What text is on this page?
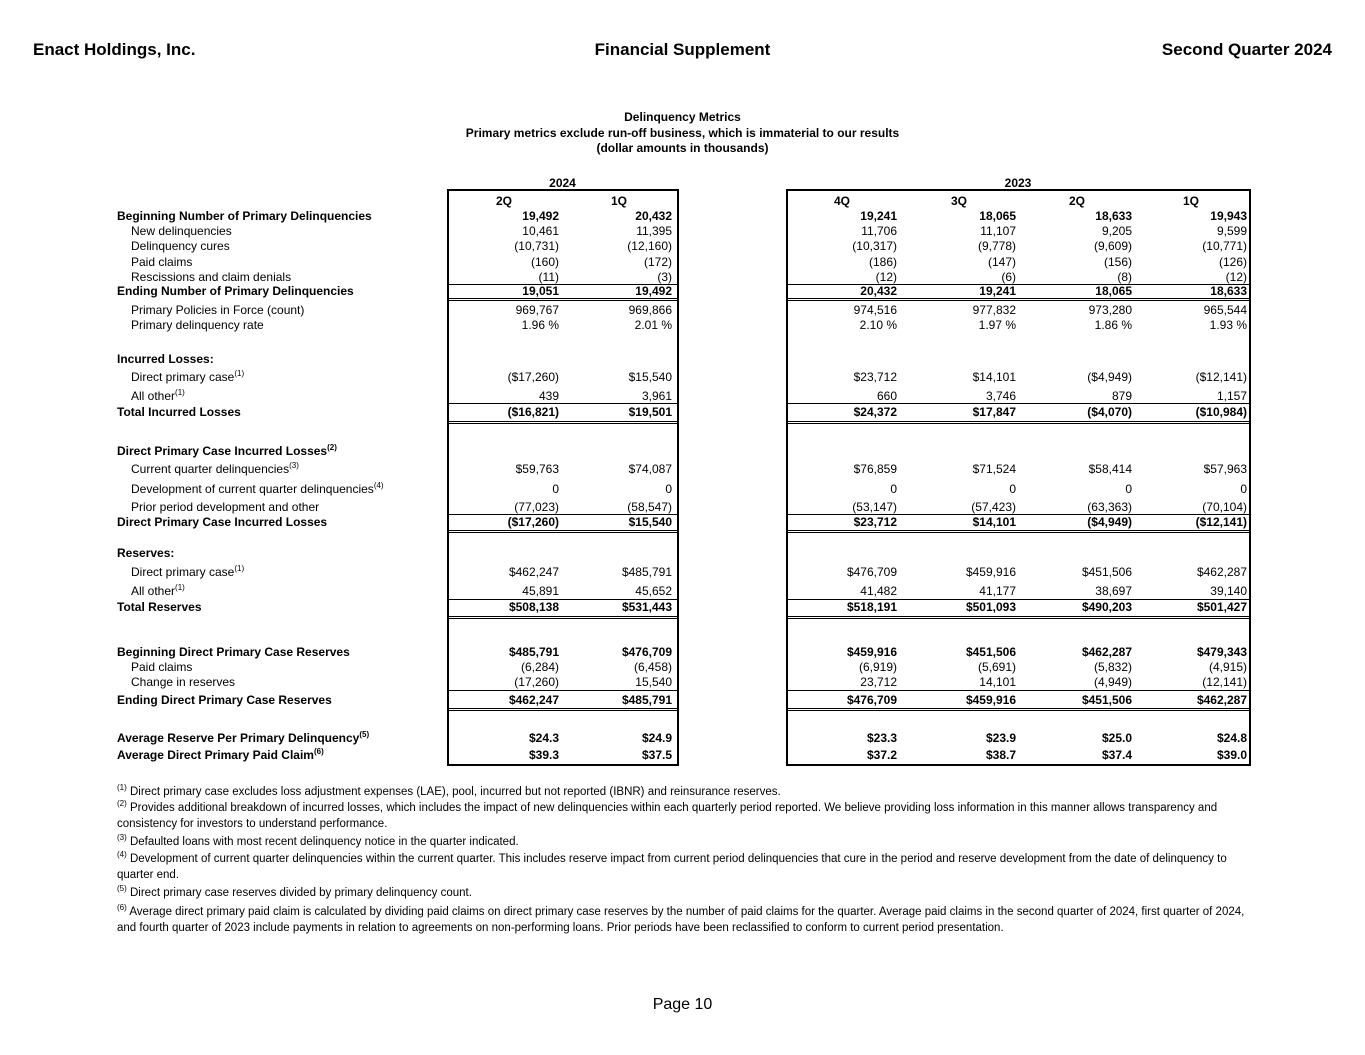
Enact Holdings, Inc.	Financial Supplement	Second Quarter 2024
Delinquency Metrics
Primary metrics exclude run-off business, which is immaterial to our results
(dollar amounts in thousands)
2024	2023
2Q	1Q	4Q	3Q	2Q	1Q
Beginning Number of Primary Delinquencies	19,492	20,432	19,241	18,065	18,633	19,943
New delinquencies	10,461	11,395	11,706	11,107	9,205	9,599
Delinquency cures	(10,731)	(12,160)	(10,317)	(9,778)	(9,609)	(10,771)
Paid claims	(160)	(172)	(186)	(147)	(156)	(126)
Rescissions and claim denials	(11)	(3)	(12)	(6)	(8)	(12)
Ending Number of Primary Delinquencies	19,051	19,492	20,432	19,241	18,065	18,633
Primary Policies in Force (count)	969,767	969,866	974,516	977,832	973,280	965,544
Primary delinquency rate	1.96 %	2.01 %	2.10 %	1.97 %	1.86 %	1.93 %
Incurred Losses:
Direct primary case$^{(1)}$	($17,260)	$15,540	$23,712	$14,101	($4,949)	($12,141)
All other$^{(1)}$	439	3,961	660	3,746	879	1,157
Total Incurred Losses	($16,821)	$19,501	$24,372	$17,847	($4,070)	($10,984)
Direct Primary Case Incurred Losses$^{(2)}$
Current quarter delinquencies$^{(3)}$	$59,763	$74,087	$76,859	$71,524	$58,414	$57,963
Development of current quarter delinquencies$^{(4)}$	0	0	0	0	0	0
Prior period development and other	(77,023)	(58,547)	(53,147)	(57,423)	(63,363)	(70,104)
Direct Primary Case Incurred Losses	($17,260)	$15,540	$23,712	$14,101	($4,949)	($12,141)
Reserves:
Direct primary case$^{(1)}$	$462,247	$485,791	$476,709	$459,916	$451,506	$462,287
All other$^{(1)}$	45,891	45,652	41,482	41,177	38,697	39,140
Total Reserves	$508,138	$531,443	$518,191	$501,093	$490,203	$501,427
Beginning Direct Primary Case Reserves	$485,791	$476,709	$459,916	$451,506	$462,287	$479,343
Paid claims	(6,284)	(6,458)	(6,919)	(5,691)	(5,832)	(4,915)
Change in reserves	(17,260)	15,540	23,712	14,101	(4,949)	(12,141)
Ending Direct Primary Case Reserves	$462,247	$485,791	$476,709	$459,916	$451,506	$462,287
Average Reserve Per Primary Delinquency$^{(5)}$	$24.3	$24.9	$23.3	$23.9	$25.0	$24.8
Average Direct Primary Paid Claim$^{(6)}$	$39.3	$37.5	$37.2	$38.7	$37.4	$39.0
$^{(1)}$ Direct primary case excludes loss adjustment expenses (LAE), pool, incurred but not reported (IBNR) and reinsurance reserves.
$^{(2)}$ Provides additional breakdown of incurred losses, which includes the impact of new delinquencies within each quarterly period reported. We believe providing loss information in this manner allows transparency and consistency for investors to understand performance.
$^{(3)}$ Defaulted loans with most recent delinquency notice in the quarter indicated.
$^{(4)}$ Development of current quarter delinquencies within the current quarter. This includes reserve impact from current period delinquencies that cure in the period and reserve development from the date of delinquency to quarter end.
$^{(5)}$ Direct primary case reserves divided by primary delinquency count.
$^{(6)}$ Average direct primary paid claim is calculated by dividing paid claims on direct primary case reserves by the number of paid claims for the quarter. Average paid claims in the second quarter of 2024, first quarter of 2024, and fourth quarter of 2023 include payments in relation to agreements on non-performing loans. Prior periods have been reclassified to conform to current period presentation.
Page 10
